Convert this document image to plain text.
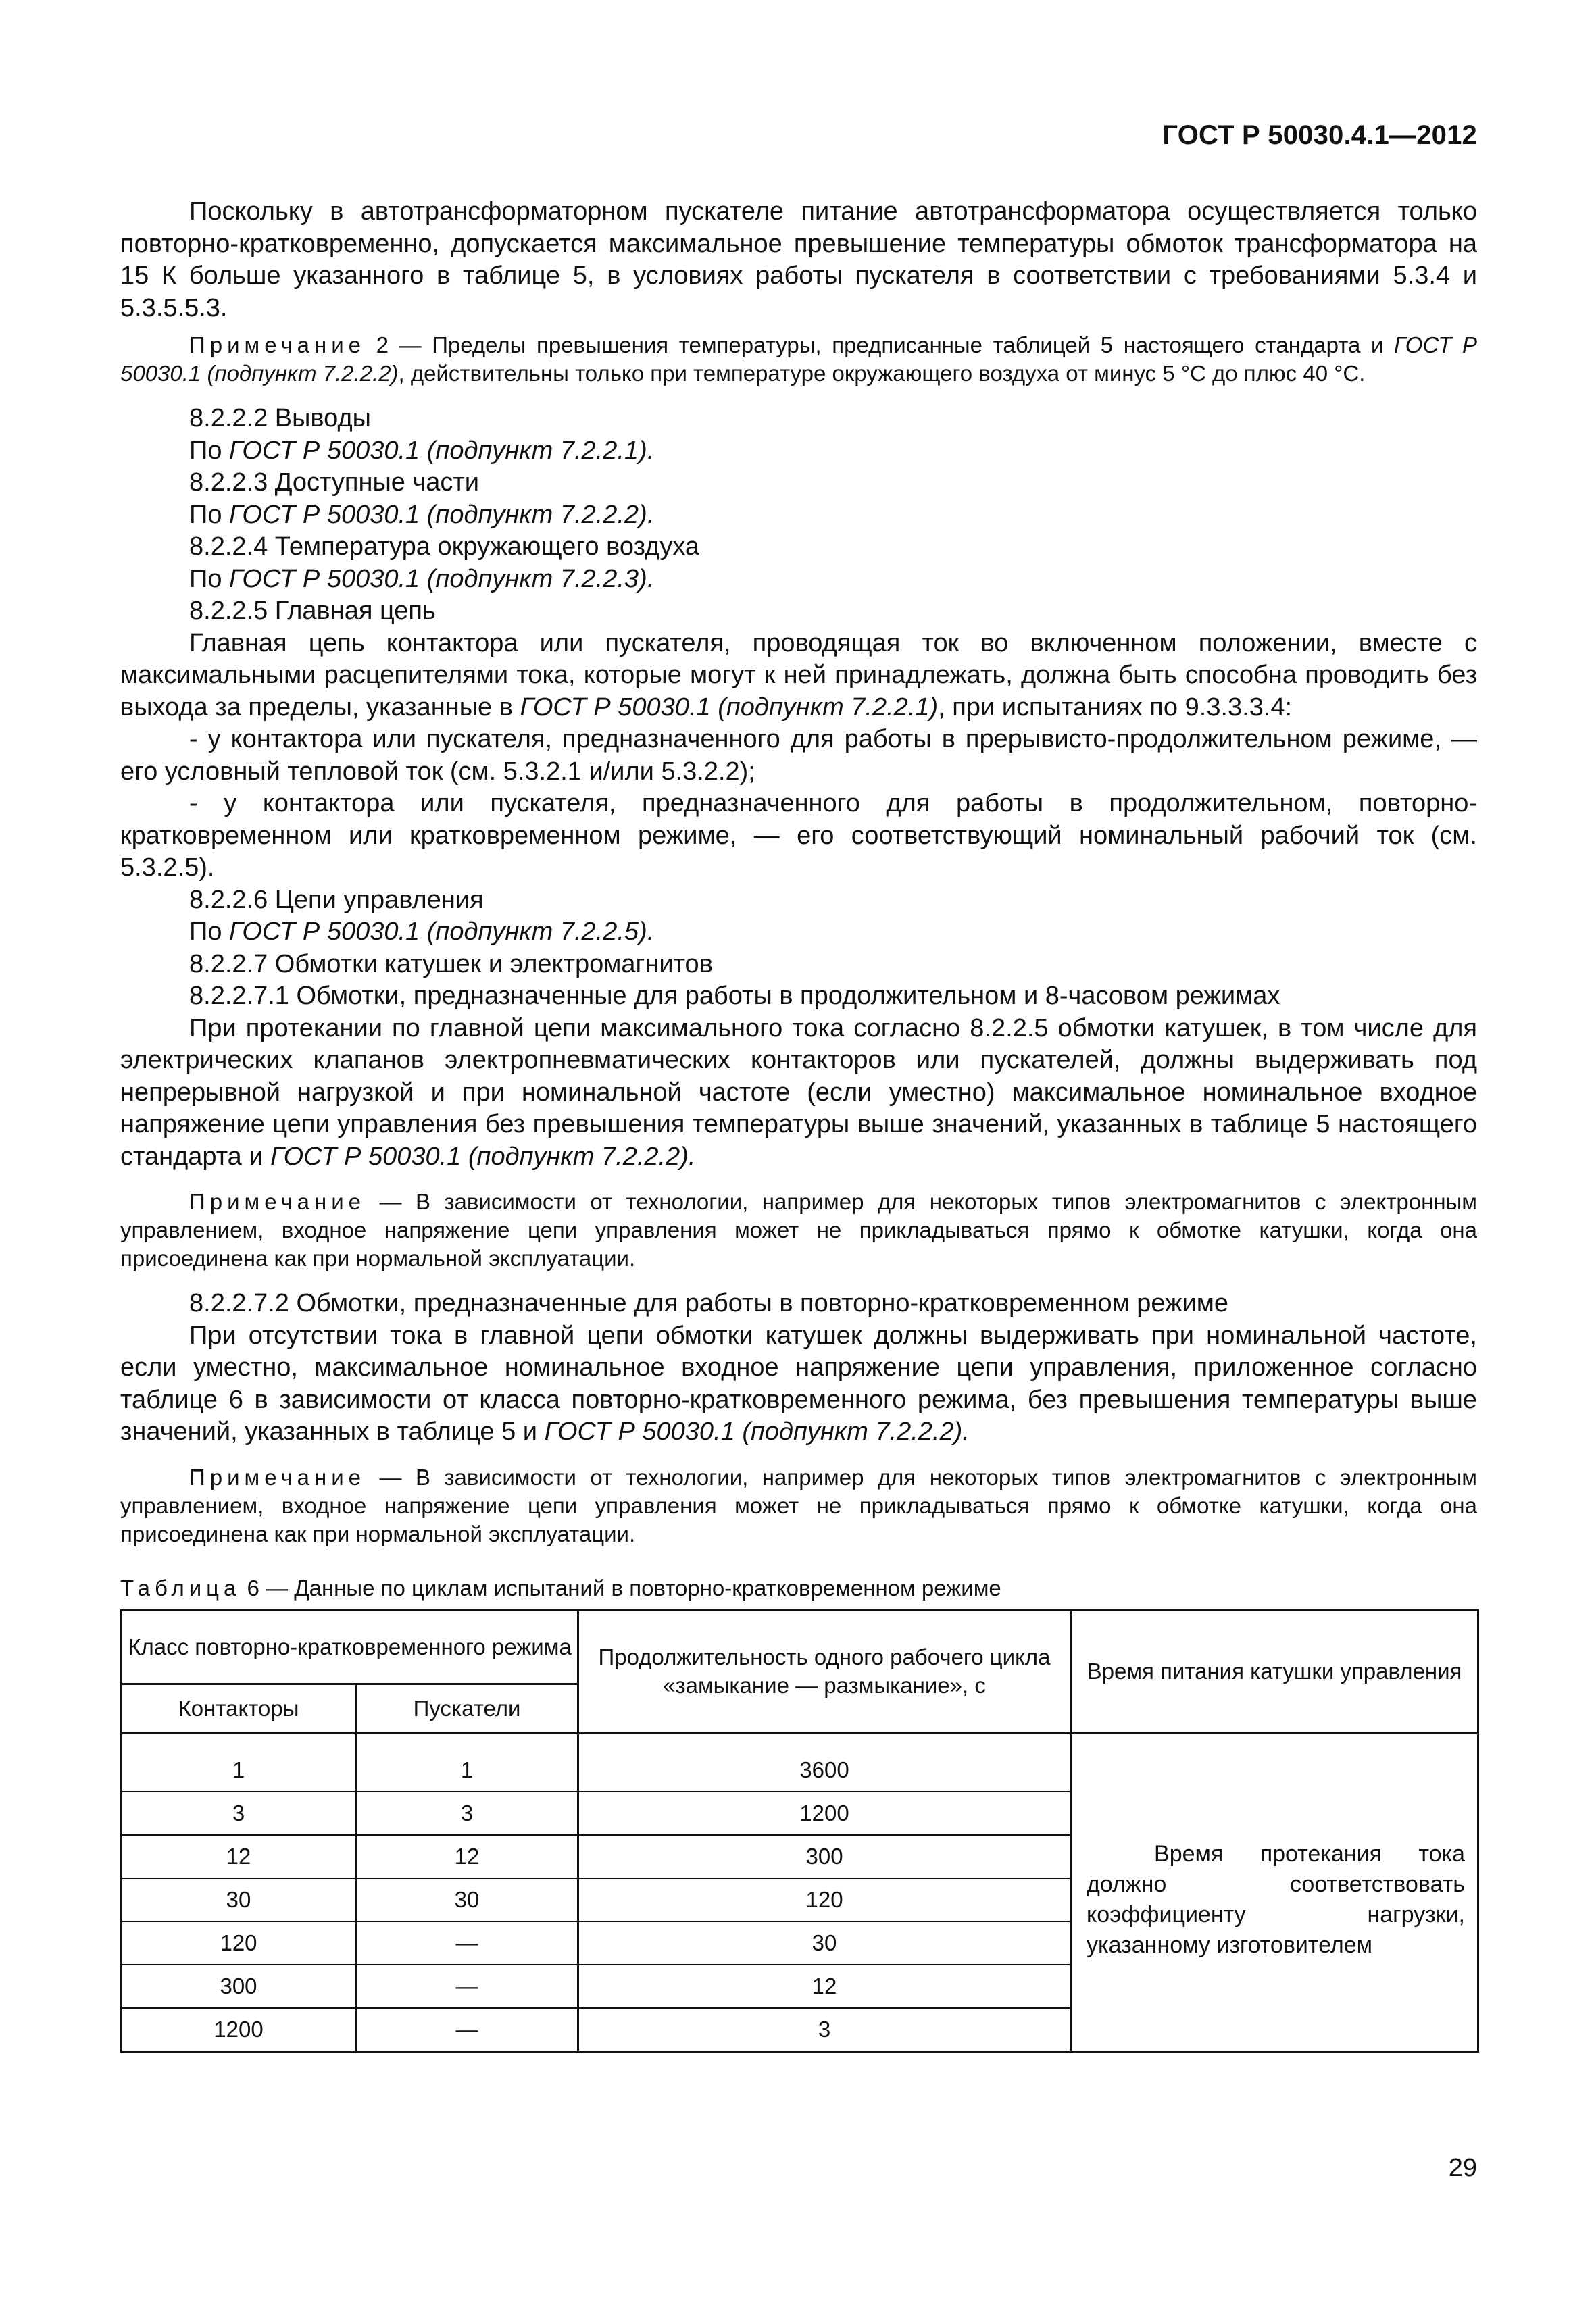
ГОСТ Р 50030.4.1—2012

Поскольку в автотрансформаторном пускателе питание автотрансформатора осуществляется только повторно-кратковременно, допускается максимальное превышение температуры обмоток трансформатора на 15 К больше указанного в таблице 5, в условиях работы пускателя в соответствии с требованиями 5.3.4 и 5.3.5.5.3.

Примечание 2 — Пределы превышения температуры, предписанные таблицей 5 настоящего стандарта и ГОСТ Р 50030.1 (подпункт 7.2.2.2), действительны только при температуре окружающего воздуха от минус 5 °С до плюс 40 °С.

8.2.2.2 Выводы

По ГОСТ Р 50030.1 (подпункт 7.2.2.1).

8.2.2.3 Доступные части

По ГОСТ Р 50030.1 (подпункт 7.2.2.2).

8.2.2.4 Температура окружающего воздуха

По ГОСТ Р 50030.1 (подпункт 7.2.2.3).

8.2.2.5 Главная цепь

Главная цепь контактора или пускателя, проводящая ток во включенном положении, вместе с максимальными расцепителями тока, которые могут к ней принадлежать, должна быть способна проводить без выхода за пределы, указанные в ГОСТ Р 50030.1 (подпункт 7.2.2.1), при испытаниях по 9.3.3.3.4:

- у контактора или пускателя, предназначенного для работы в прерывисто-продолжительном режиме, — его условный тепловой ток (см. 5.3.2.1 и/или 5.3.2.2);

- у контактора или пускателя, предназначенного для работы в продолжительном, повторно-кратковременном или кратковременном режиме, — его соответствующий номинальный рабочий ток (см. 5.3.2.5).

8.2.2.6 Цепи управления

По ГОСТ Р 50030.1 (подпункт 7.2.2.5).

8.2.2.7 Обмотки катушек и электромагнитов

8.2.2.7.1 Обмотки, предназначенные для работы в продолжительном и 8-часовом режимах

При протекании по главной цепи максимального тока согласно 8.2.2.5 обмотки катушек, в том числе для электрических клапанов электропневматических контакторов или пускателей, должны выдерживать под непрерывной нагрузкой и при номинальной частоте (если уместно) максимальное номинальное входное напряжение цепи управления без превышения температуры выше значений, указанных в таблице 5 настоящего стандарта и ГОСТ Р 50030.1 (подпункт 7.2.2.2).

Примечание — В зависимости от технологии, например для некоторых типов электромагнитов с электронным управлением, входное напряжение цепи управления может не прикладываться прямо к обмотке катушки, когда она присоединена как при нормальной эксплуатации.

8.2.2.7.2 Обмотки, предназначенные для работы в повторно-кратковременном режиме

При отсутствии тока в главной цепи обмотки катушек должны выдерживать при номинальной частоте, если уместно, максимальное номинальное входное напряжение цепи управления, приложенное согласно таблице 6 в зависимости от класса повторно-кратковременного режима, без превышения температуры выше значений, указанных в таблице 5 и ГОСТ Р 50030.1 (подпункт 7.2.2.2).

Примечание — В зависимости от технологии, например для некоторых типов электромагнитов с электронным управлением, входное напряжение цепи управления может не прикладываться прямо к обмотке катушки, когда она присоединена как при нормальной эксплуатации.

Таблица 6 — Данные по циклам испытаний в повторно-кратковременном режиме

Класс повторно-кратковременного режима		Продолжительность одного рабочего цикла «замыкание — размыкание», с	Время питания катушки управления
Контакторы	Пускатели		

1	1	3600	Время протекания тока должно соответствовать коэффициенту нагрузки, указанному изготовителем

3	3	1200	
12	12	300	
30	30	120	
120	—	30	
300	—	12	
1200	—	3	
29
